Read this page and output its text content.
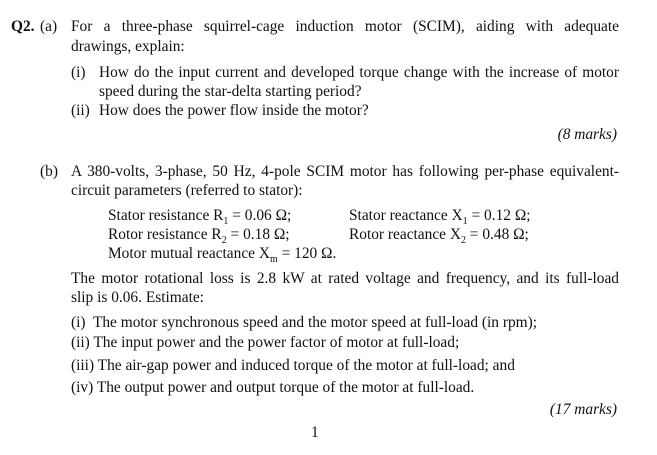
Q2. (a) For a three-phase squirrel-cage induction motor (SCIM), aiding with adequate
drawings, explain:
(i) How do the input current and developed torque change with the increase of motor
speed during the star-delta starting period?
(ii) How does the power flow inside the motor?
(8 marks)
(b) A 380-volts, 3-phase, 50 Hz, 4-pole SCIM motor has following per-phase equivalent-
circuit parameters (referred to stator):
Stator resistance $R_1 = 0.06$ Ω;	Stator reactance $X_1 = 0.12$ Ω;
Rotor resistance $R_2 = 0.18$ Ω;	Rotor reactance $X_2 = 0.48$ Ω;
Motor mutual reactance $X_m = 120$ Ω.
The motor rotational loss is 2.8 kW at rated voltage and frequency, and its full-load
slip is 0.06. Estimate:
(i) The motor synchronous speed and the motor speed at full-load (in rpm);
(ii) The input power and the power factor of motor at full-load;
(iii) The air-gap power and induced torque of the motor at full-load; and
(iv) The output power and output torque of the motor at full-load.
(17 marks)
1
